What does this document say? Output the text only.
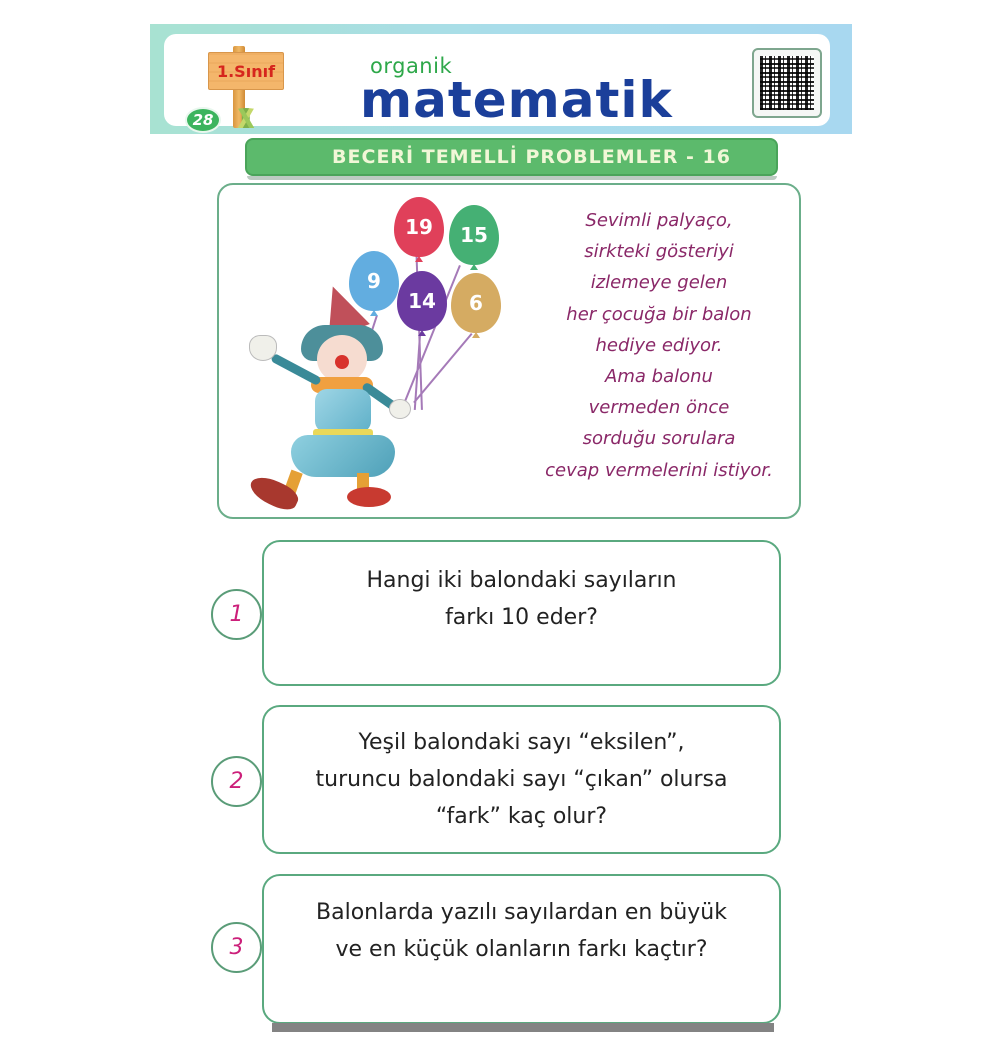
1.Sınıf
28
organik
matematik
BECERİ TEMELLİ PROBLEMLER - 16
19 15
9
14 6
Sevimli palyaço,
sirkteki gösteriyi
izlemeye gelen
her çocuğa bir balon
hediye ediyor.
Ama balonu
vermeden önce
sorduğu sorulara
cevap vermelerini istiyor.
Hangi iki balondaki sayıların
farkı 10 eder?
1
Yeşil balondaki sayı “eksilen”,
turuncu balondaki sayı “çıkan” olursa
“fark” kaç olur?
2
Balonlarda yazılı sayılardan en büyük
ve en küçük olanların farkı kaçtır?
3
